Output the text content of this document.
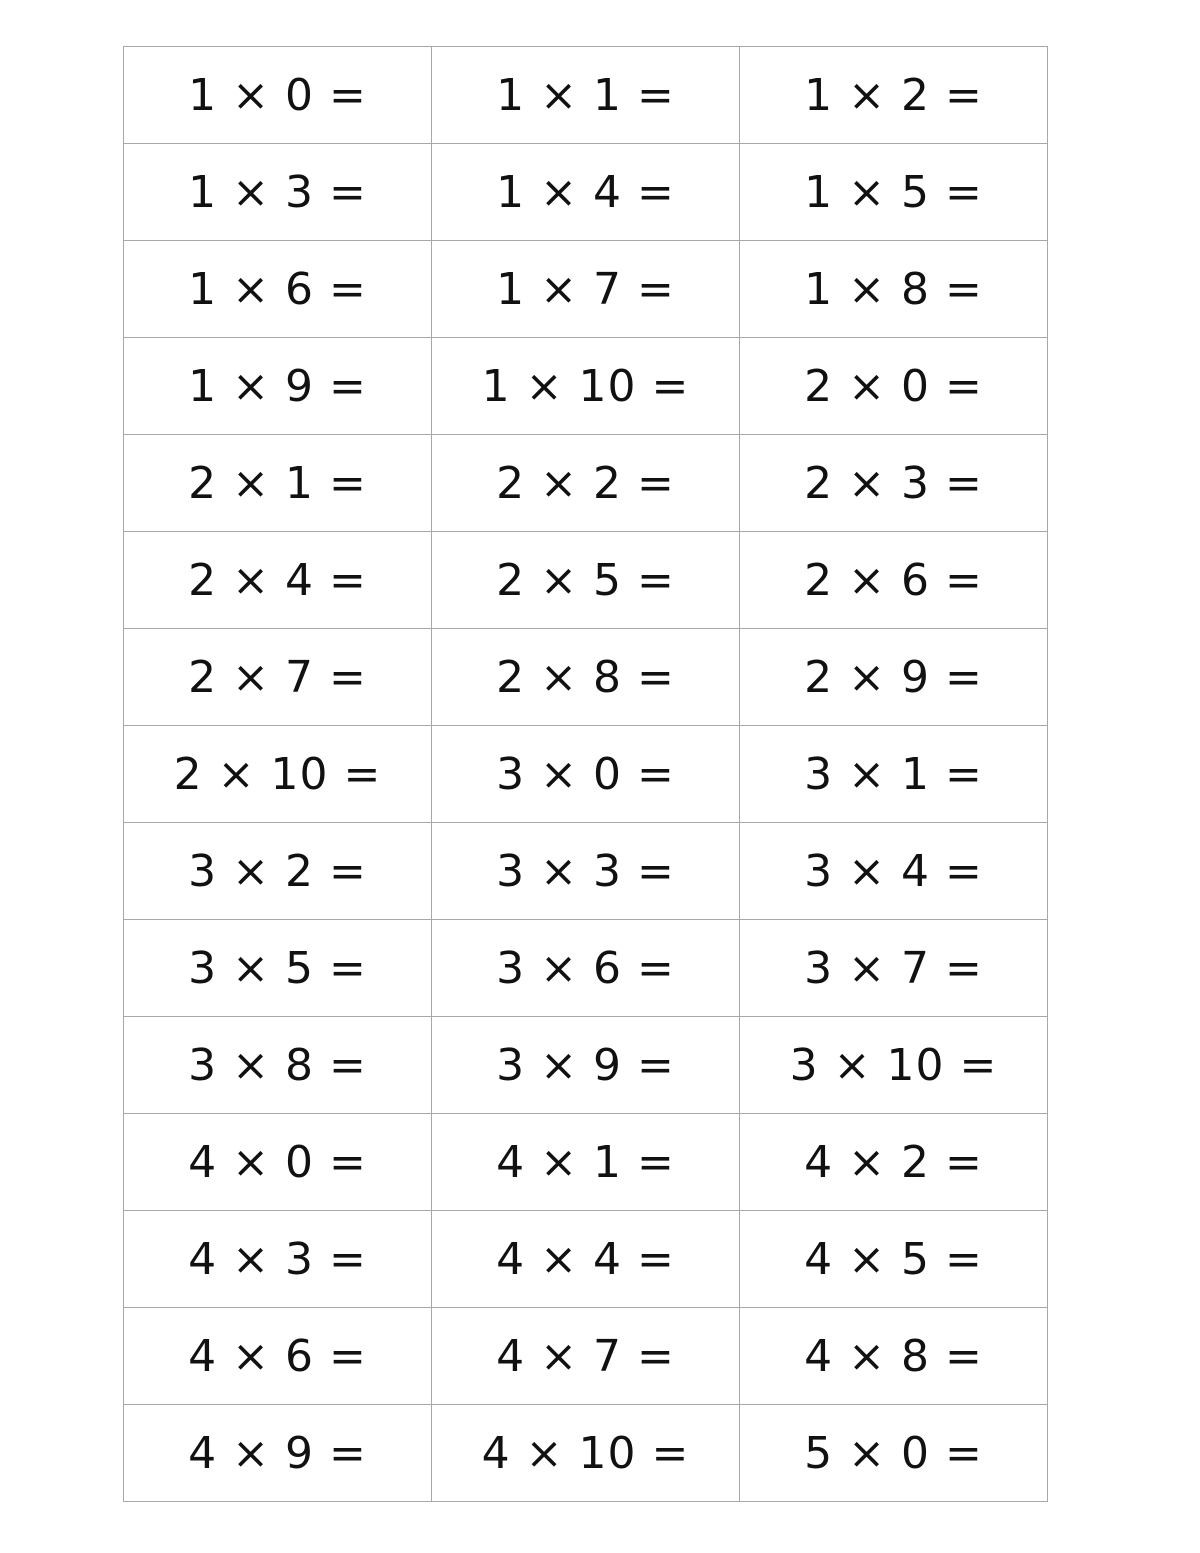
1 × 0 =	1 × 1 =	1 × 2 =
1 × 3 =	1 × 4 =	1 × 5 =
1 × 6 =	1 × 7 =	1 × 8 =
1 × 9 =	1 × 10 =	2 × 0 =
2 × 1 =	2 × 2 =	2 × 3 =
2 × 4 =	2 × 5 =	2 × 6 =
2 × 7 =	2 × 8 =	2 × 9 =
2 × 10 =	3 × 0 =	3 × 1 =
3 × 2 =	3 × 3 =	3 × 4 =
3 × 5 =	3 × 6 =	3 × 7 =
3 × 8 =	3 × 9 =	3 × 10 =
4 × 0 =	4 × 1 =	4 × 2 =
4 × 3 =	4 × 4 =	4 × 5 =
4 × 6 =	4 × 7 =	4 × 8 =
4 × 9 =	4 × 10 =	5 × 0 =
